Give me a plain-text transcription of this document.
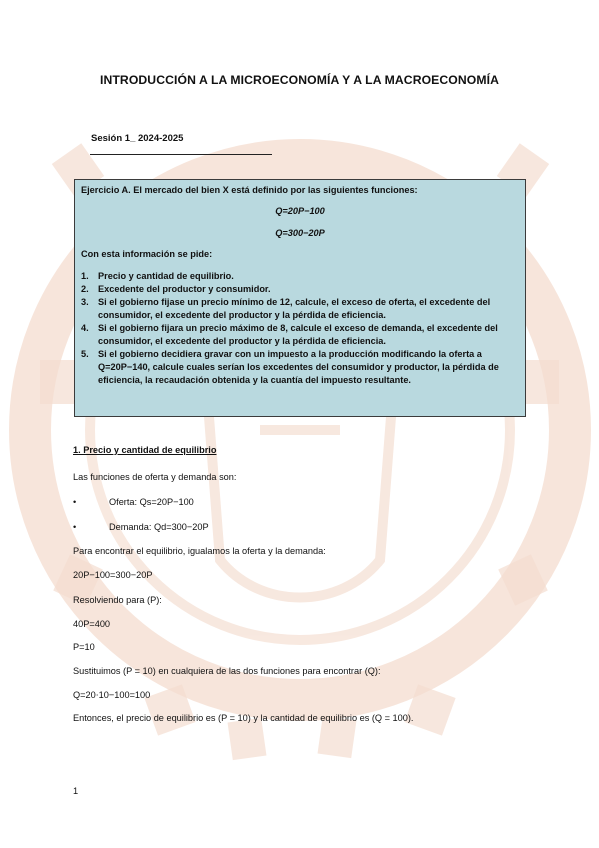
INTRODUCCIÓN A LA MICROECONOMÍA Y A LA MACROECONOMÍA
Sesión 1_ 2024-2025

Ejercicio A. El mercado del bien X está definido por las siguientes funciones:

Q=20P−100

Q=300−20P

Con esta información se pide:

1. Precio y cantidad de equilibrio.
2. Excedente del productor y consumidor.
3. Si el gobierno fijase un precio mínimo de 12, calcule, el exceso de oferta, el excedente del consumidor, el excedente del productor y la pérdida de eficiencia.
4. Si el gobierno fijara un precio máximo de 8, calcule el exceso de demanda, el excedente del consumidor, el excedente del productor y la pérdida de eficiencia.
5. Si el gobierno decidiera gravar con un impuesto a la producción modificando la oferta a Q=20P−140, calcule cuales serían los excedentes del consumidor y productor, la pérdida de eficiencia, la recaudación obtenida y la cuantía del impuesto resultante.

1. Precio y cantidad de equilibrio

Las funciones de oferta y demanda son:

•	Oferta: Qs=20P−100
•	Demanda: Qd=300−20P

Para encontrar el equilibrio, igualamos la oferta y la demanda:

20P−100=300−20P

Resolviendo para (P):

40P=400

P=10

Sustituimos (P = 10) en cualquiera de las dos funciones para encontrar (Q):

Q=20⋅10−100=100

Entonces, el precio de equilibrio es (P = 10) y la cantidad de equilibrio es (Q = 100).

1
